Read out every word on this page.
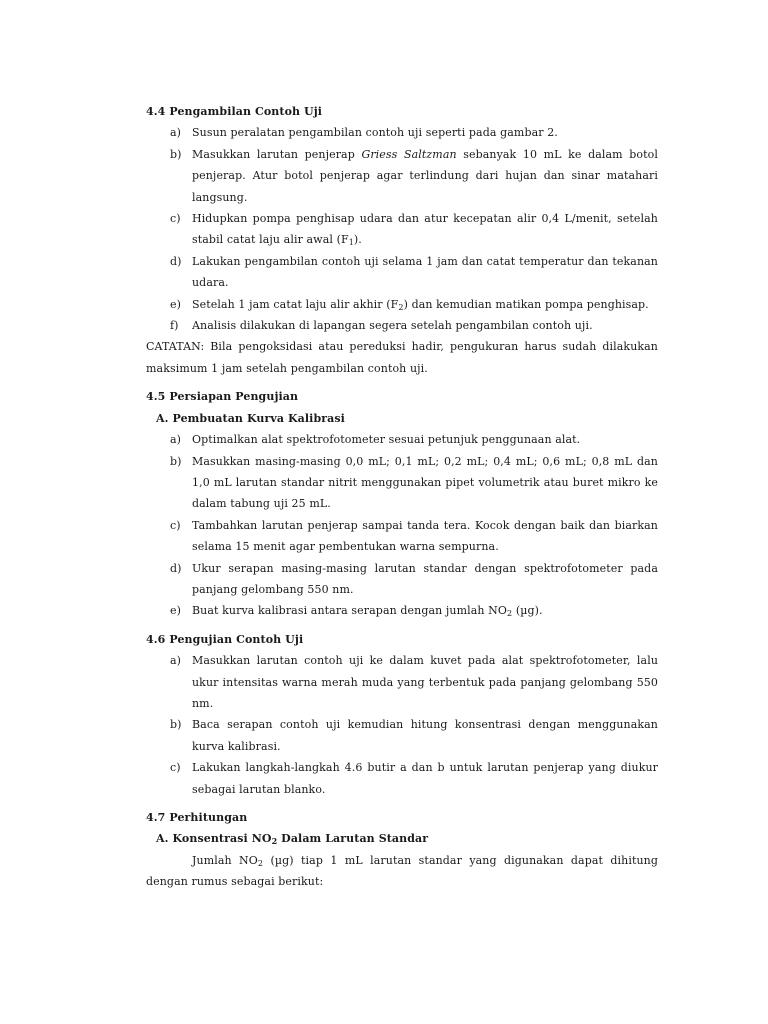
4.4 Pengambilan Contoh Uji
a) Susun peralatan pengambilan contoh uji seperti pada gambar 2.
b) Masukkan larutan penjerap Griess Saltzman sebanyak 10 mL ke dalam botol penjerap. Atur botol penjerap agar terlindung dari hujan dan sinar matahari langsung.
c)	Hidupkan pompa penghisap udara dan atur kecepatan alir 0,4 L/menit, setelah stabil catat laju alir awal $(F_1)$.
d) Lakukan pengambilan contoh uji selama 1 jam dan catat temperatur dan tekanan udara.
e) Setelah 1 jam catat laju alir akhir $(F_2)$ dan kemudian matikan pompa penghisap.
f)	Analisis dilakukan di lapangan segera setelah pengambilan contoh uji.
CATATAN: Bila pengoksidasi atau pereduksi hadir, pengukuran harus sudah dilakukan maksimum 1 jam setelah pengambilan contoh uji.
4.5 Persiapan Pengujian
A. Pembuatan Kurva Kalibrasi
a) Optimalkan alat spektrofotometer sesuai petunjuk penggunaan alat.
b) Masukkan masing-masing 0,0 mL; 0,1 mL; 0,2 mL; 0,4 mL; 0,6 mL; 0,8 mL dan 1,0 mL larutan standar nitrit menggunakan pipet volumetrik atau buret mikro ke dalam tabung uji 25 mL.
c)	Tambahkan larutan penjerap sampai tanda tera. Kocok dengan baik dan biarkan selama 15 menit agar pembentukan warna sempurna.
d) Ukur serapan masing-masing larutan standar dengan spektrofotometer pada panjang gelombang 550 nm.
e) Buat kurva kalibrasi antara serapan dengan jumlah $NO_2$ (µg).
4.6 Pengujian Contoh Uji
a) Masukkan larutan contoh uji ke dalam kuvet pada alat spektrofotometer, lalu ukur intensitas warna merah muda yang terbentuk pada panjang gelombang 550 nm.
b) Baca serapan contoh uji kemudian hitung konsentrasi dengan menggunakan kurva kalibrasi.
c)	Lakukan langkah-langkah 4.6 butir a dan b untuk larutan penjerap yang diukur sebagai larutan blanko.
4.7 Perhitungan
A. Konsentrasi $NO_2$ Dalam Larutan Standar
Jumlah $NO_2$ (µg) tiap 1 mL larutan standar yang digunakan dapat dihitung dengan rumus sebagai berikut:
